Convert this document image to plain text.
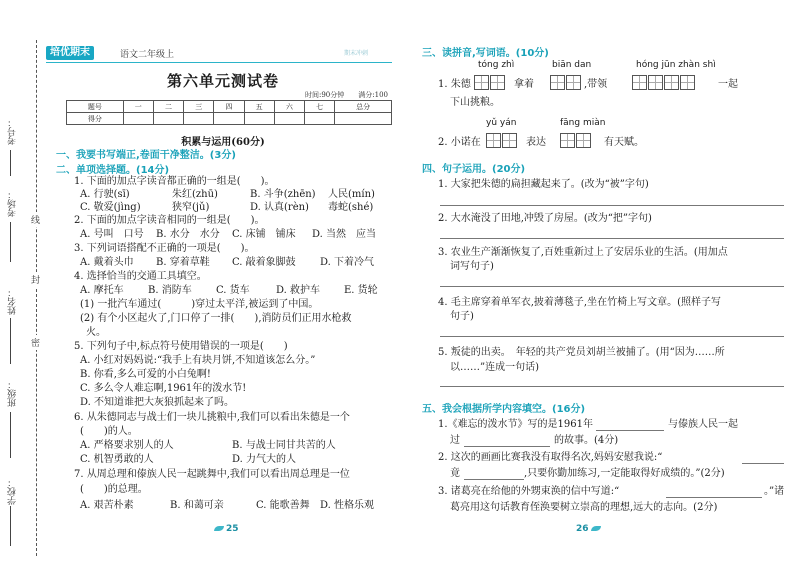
考号：
考场：
姓名：
班级：
学校：
线
封
密
培优期末	语文二年级上	期末冲刺
第六单元测试卷
时间:90分钟　　满分:100
题号	一	二	三	四	五	六	七	总分
得分								
积累与运用(60分)
一、我要书写端正,卷面干净整洁。(3分)
二、单项选择题。(14分)
1. 下面的加点字读音都正确的一组是(　　)。
A. 行驶(sī)	朱红(zhū)	B. 斗争(zhēn) 人民(mín)
C. 敬爱(jìng)	狭窄(jǔ)	D. 认真(rèn) 毒蛇(shé)
2. 下面的加点字读音相同的一组是(　　)。
A. 号叫　口号 B. 水分　水分 C. 床铺　铺床 D. 当然　应当
3. 下列词语搭配不正确的一项是(　　)。
A. 戴着头巾 B. 穿着草鞋 C. 敲着象脚鼓 D. 下着冷气
4. 选择恰当的交通工具填空。
A. 摩托车 B. 消防车 C. 货车	D. 救护车 E. 货轮
(1) 一批汽车通过(　　　)穿过太平洋,被运到了中国。
(2) 有个小区起火了,门口停了一排(　　),消防员们正用水枪救
火。
5. 下列句子中,标点符号使用错误的一项是(　　)
A. 小红对妈妈说:“我手上有块月饼,不知道该怎么分。”
B. 你看,多么可爱的小白兔啊!
C. 多么令人难忘啊,1961年的泼水节!
D. 不知道谁把大灰狼抓起来了吗。
6. 从朱德同志与战士们一块儿挑粮中,我们可以看出朱德是一个
(　　)的人。
A. 严格要求别人的人	B. 与战士同甘共苦的人
C. 机智勇敢的人	D. 力气大的人
7. 从周总理和傣族人民一起跳舞中,我们可以看出周总理是一位
(　　)的总理。
A. 艰苦朴素	B. 和蔼可亲	C. 能歌善舞 D. 性格乐观
25
三、读拼音,写词语。(10分)
tóng zhì	biān dan	hóng jūn zhàn shì
1. 朱德	拿着	,带领	一起
下山挑粮。
yǔ yán	fāng miàn
2. 小诺在	表达	有天赋。
四、句子运用。(20分)
1. 大家把朱德的扁担藏起来了。(改为“被”字句)
2. 大水淹没了田地,冲毁了房屋。(改为“把”字句)
3. 农业生产渐渐恢复了,百姓重新过上了安居乐业的生活。(用加点
词写句子)
4. 毛主席穿着单军衣,披着薄毯子,坐在竹椅上写文章。(照样子写
句子)
5. 叛徒的出卖。　年轻的共产党员刘胡兰被捕了。(用“因为……所
以……”连成一句话)
五、我会根据所学内容填空。(16分)
1.《难忘的泼水节》写的是1961年	与傣族人民一起
过	的故事。(4分)
2. 这次的画画比赛我没有取得名次,妈妈安慰我说:“
竟	,只要你勤加练习,一定能取得好成绩的。”(2分)
3. 诸葛亮在给他的外甥束涣的信中写道:“	。”诸
葛亮用这句话教育侄涣要树立崇高的理想,远大的志向。(2分)
26
